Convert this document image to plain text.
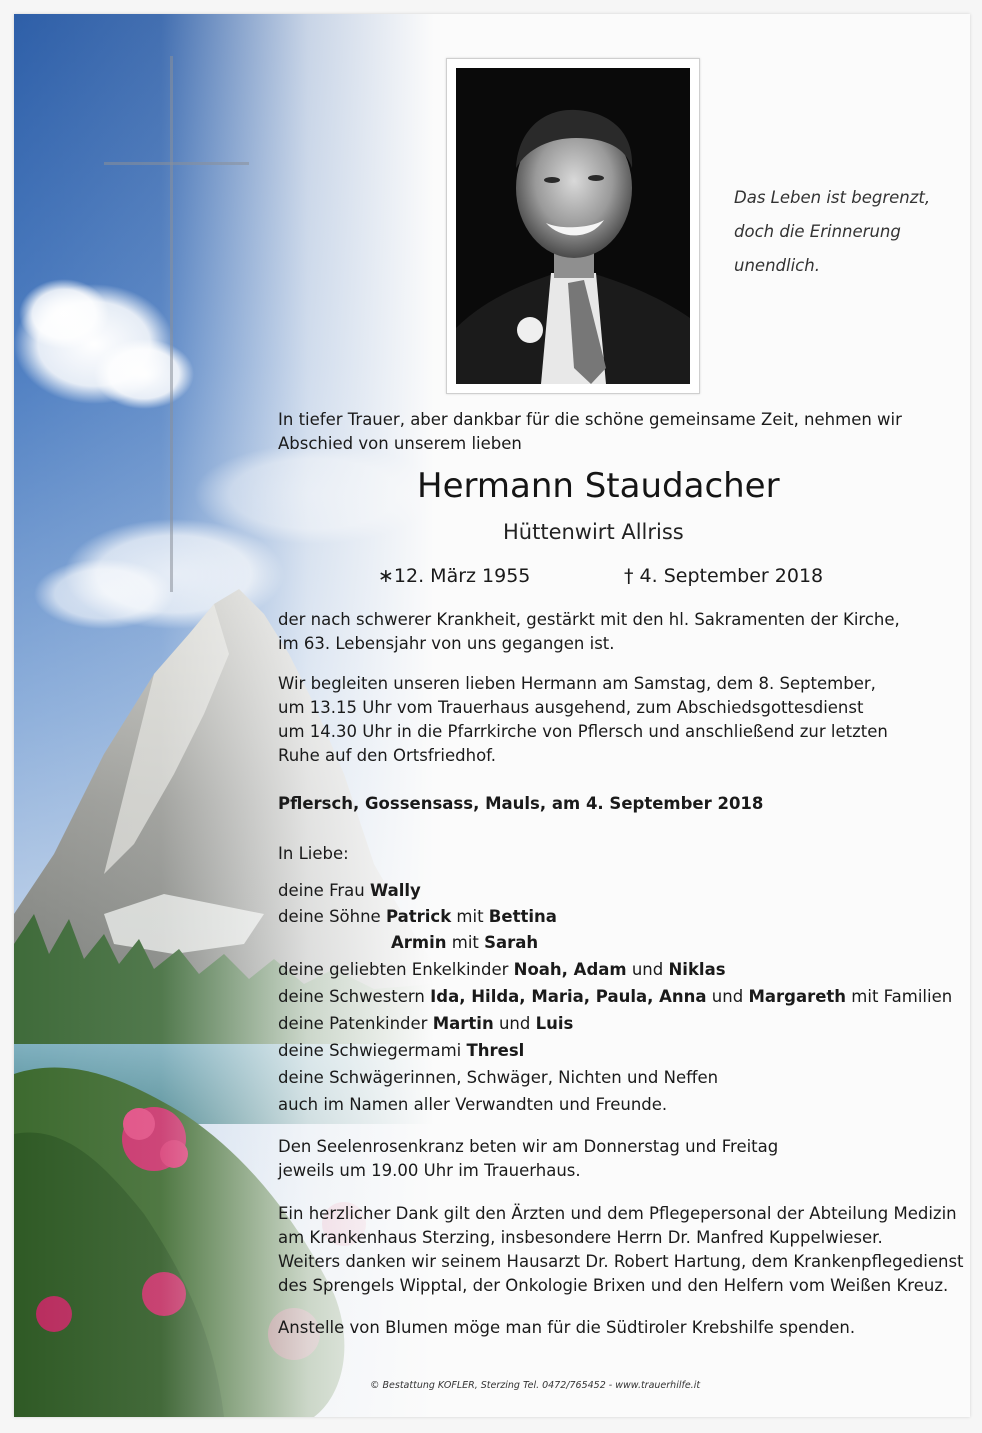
Das Leben ist begrenzt,
doch die Erinnerung
unendlich.
In tiefer Trauer, aber dankbar für die schöne gemeinsame Zeit, nehmen wir
Abschied von unserem lieben
Hermann Staudacher
Hüttenwirt Allriss
∗12. März 1955	† 4. September 2018
der nach schwerer Krankheit, gestärkt mit den hl. Sakramenten der Kirche,
im 63. Lebensjahr von uns gegangen ist.
Wir begleiten unseren lieben Hermann am Samstag, dem 8. September,
um 13.15 Uhr vom Trauerhaus ausgehend, zum Abschiedsgottesdienst
um 14.30 Uhr in die Pfarrkirche von Pflersch und anschließend zur letzten
Ruhe auf den Ortsfriedhof.
Pflersch, Gossensass, Mauls, am 4. September 2018
In Liebe:
deine Frau Wally
deine Söhne Patrick mit Bettina
Armin mit Sarah
deine geliebten Enkelkinder Noah, Adam und Niklas
deine Schwestern Ida, Hilda, Maria, Paula, Anna und Margareth mit Familien
deine Patenkinder Martin und Luis
deine Schwiegermami Thresl
deine Schwägerinnen, Schwäger, Nichten und Neffen
auch im Namen aller Verwandten und Freunde.
Den Seelenrosenkranz beten wir am Donnerstag und Freitag
jeweils um 19.00 Uhr im Trauerhaus.
Ein herzlicher Dank gilt den Ärzten und dem Pflegepersonal der Abteilung Medizin
am Krankenhaus Sterzing, insbesondere Herrn Dr. Manfred Kuppelwieser.
Weiters danken wir seinem Hausarzt Dr. Robert Hartung, dem Krankenpflegedienst
des Sprengels Wipptal, der Onkologie Brixen und den Helfern vom Weißen Kreuz.
Anstelle von Blumen möge man für die Südtiroler Krebshilfe spenden.
© Bestattung KOFLER, Sterzing Tel. 0472/765452 - www.trauerhilfe.it
